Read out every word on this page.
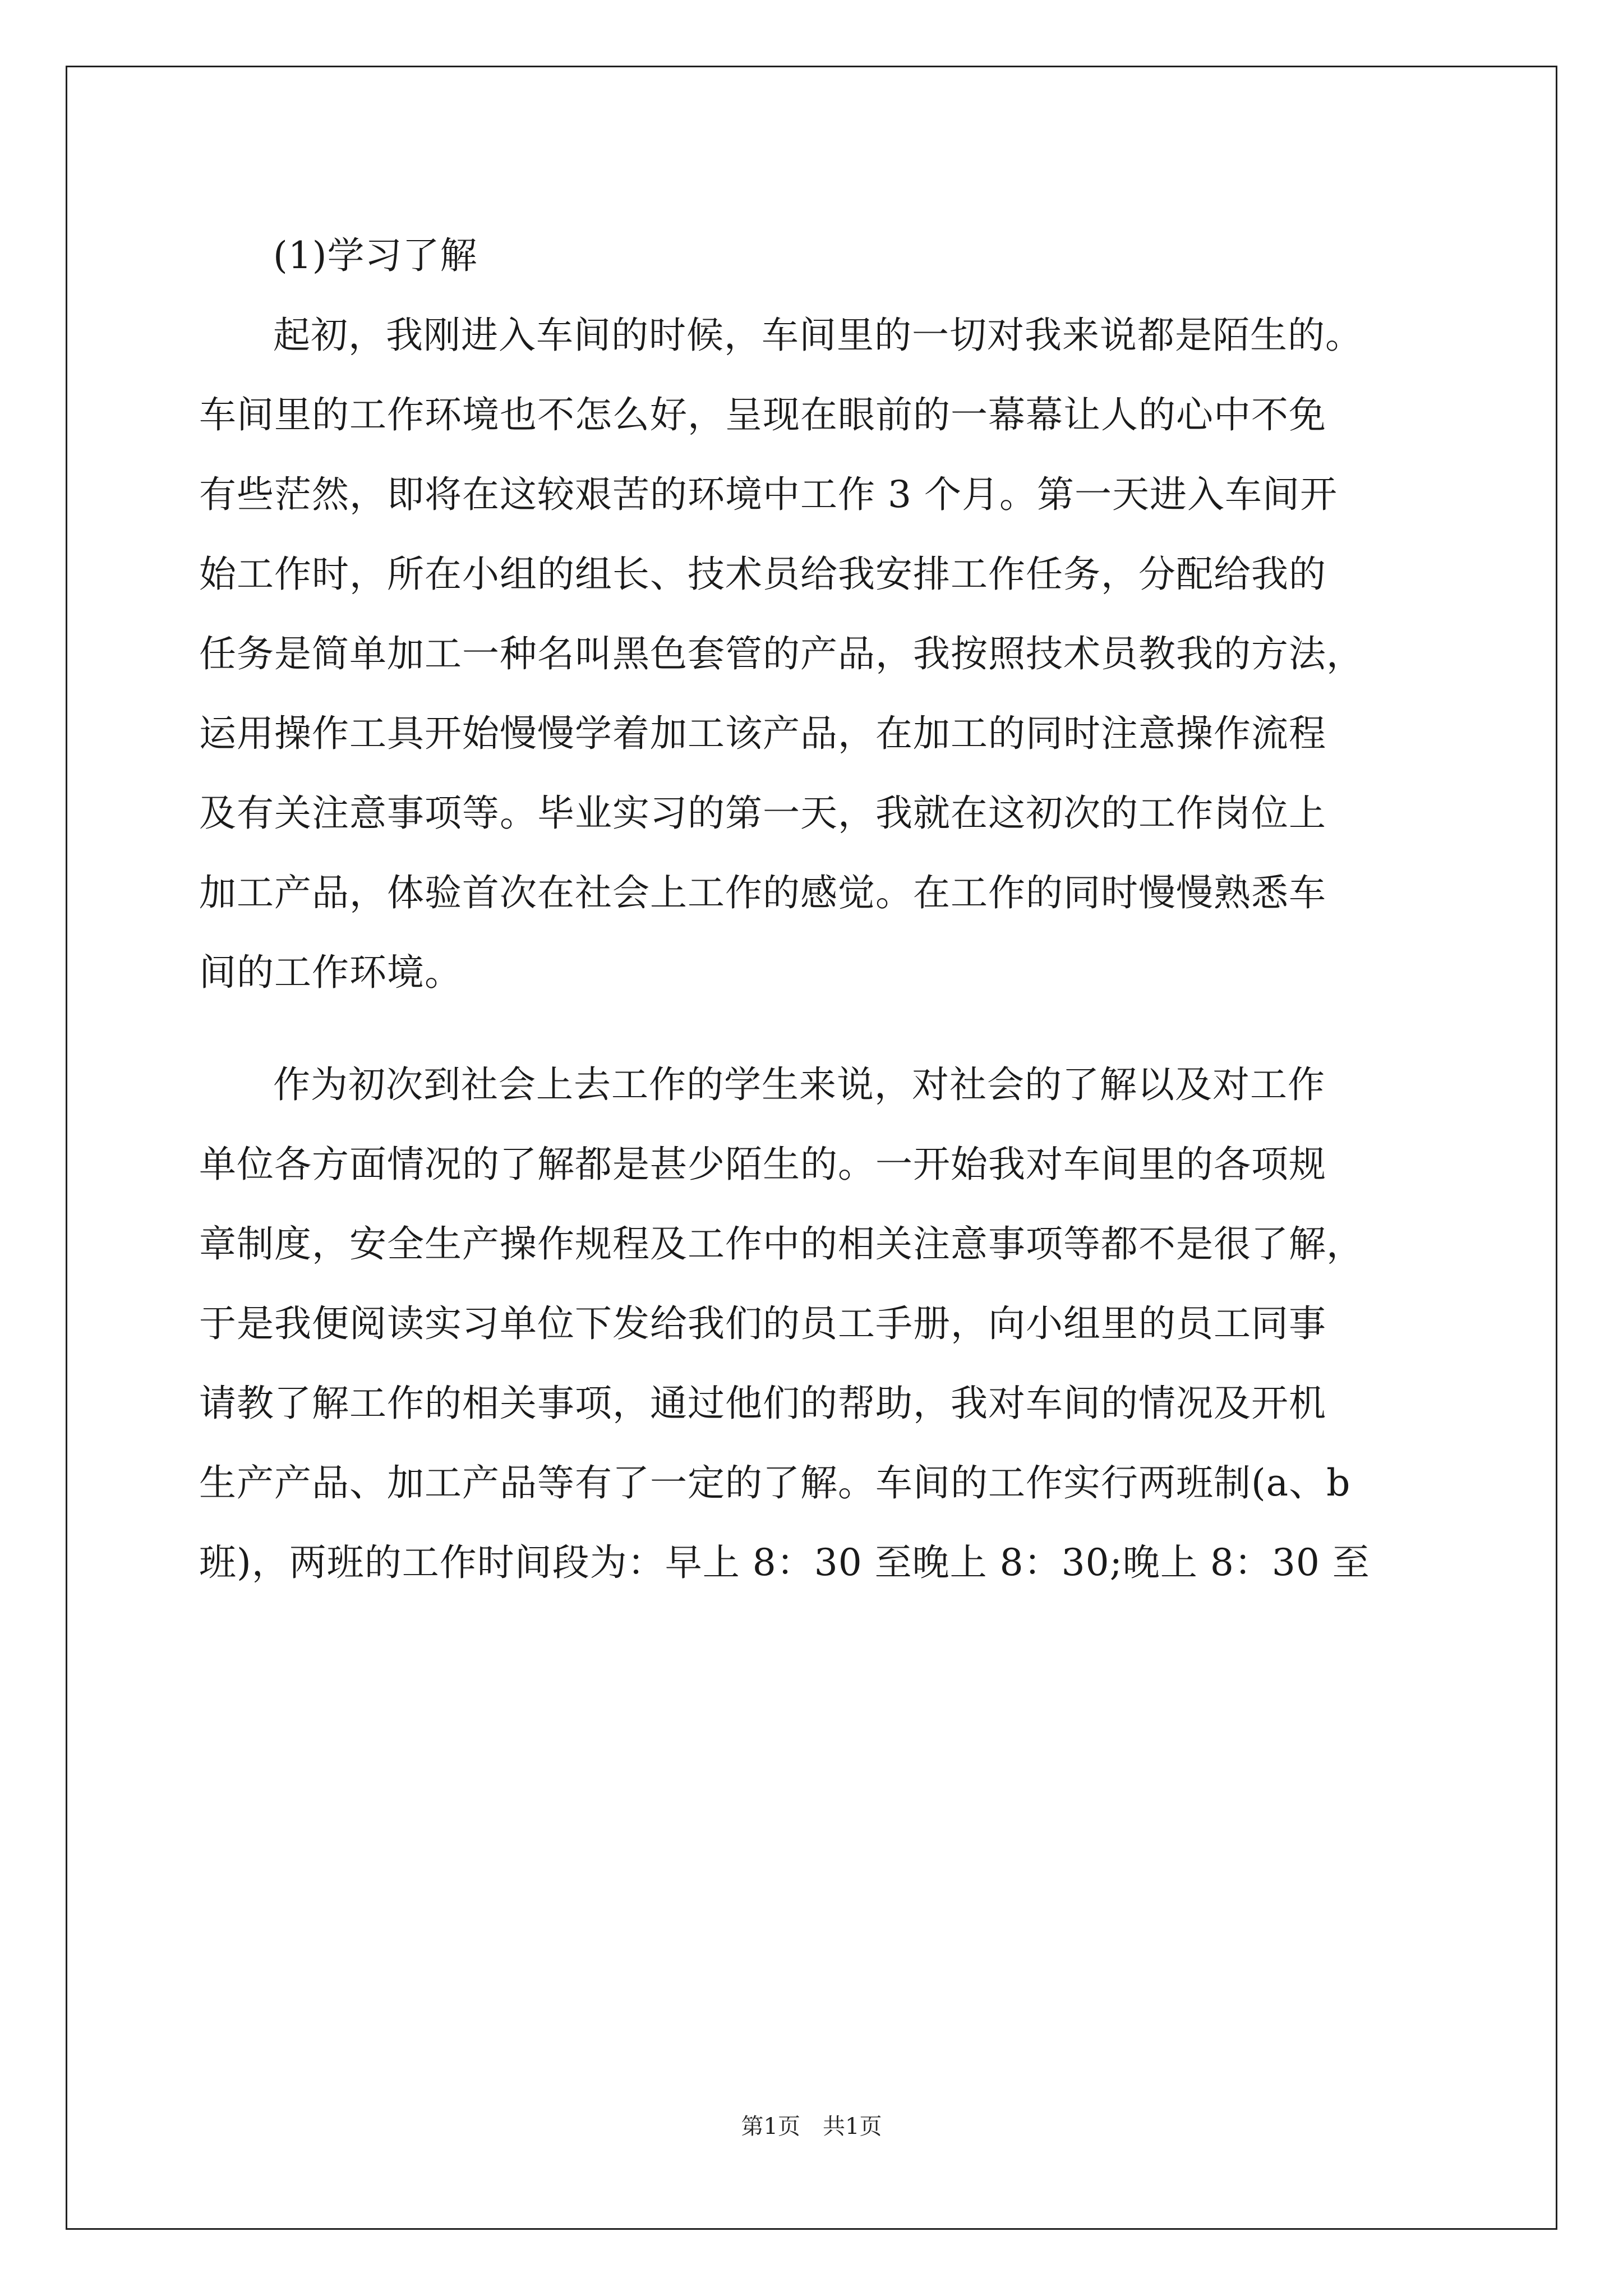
(1)学习了解
起初，我刚进入车间的时候，车间里的一切对我来说都是陌生的。
车间里的工作环境也不怎么好，呈现在眼前的一幕幕让人的心中不免
有些茫然，即将在这较艰苦的环境中工作 3 个月。第一天进入车间开
始工作时，所在小组的组长、技术员给我安排工作任务，分配给我的
任务是简单加工一种名叫黑色套管的产品，我按照技术员教我的方法，
运用操作工具开始慢慢学着加工该产品，在加工的同时注意操作流程
及有关注意事项等。毕业实习的第一天，我就在这初次的工作岗位上
加工产品，体验首次在社会上工作的感觉。在工作的同时慢慢熟悉车
间的工作环境。
作为初次到社会上去工作的学生来说，对社会的了解以及对工作
单位各方面情况的了解都是甚少陌生的。一开始我对车间里的各项规
章制度，安全生产操作规程及工作中的相关注意事项等都不是很了解，
于是我便阅读实习单位下发给我们的员工手册，向小组里的员工同事
请教了解工作的相关事项，通过他们的帮助，我对车间的情况及开机
生产产品、加工产品等有了一定的了解。车间的工作实行两班制(a、b
班)，两班的工作时间段为：早上 8：30 至晚上 8：30;晚上 8：30 至
第1页 共1页
